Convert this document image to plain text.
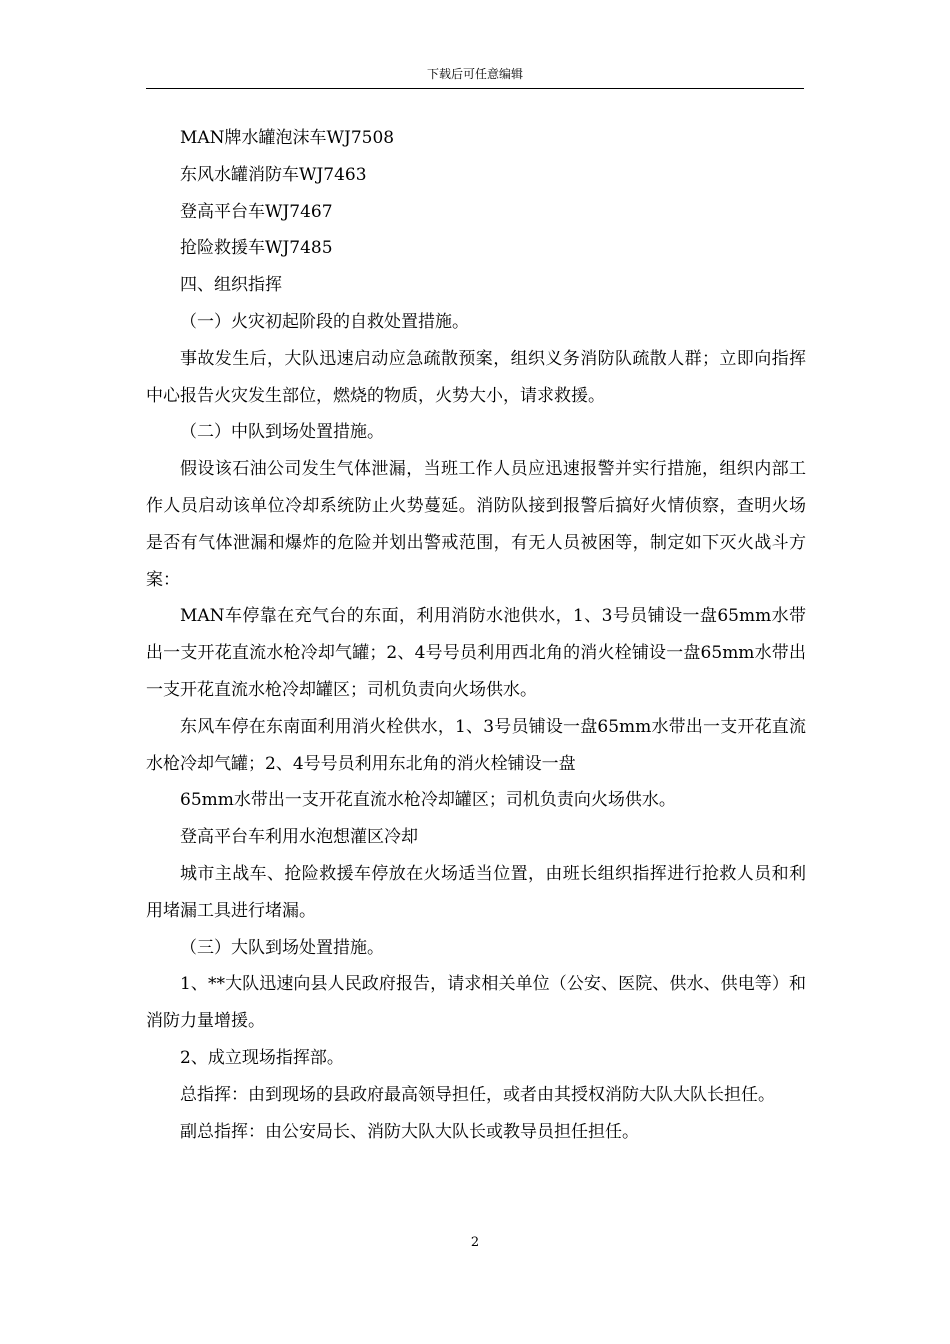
下载后可任意编辑

MAN牌水罐泡沫车WJ7508

东风水罐消防车WJ7463

登高平台车WJ7467

抢险救援车WJ7485

四、组织指挥

（一）火灾初起阶段的自救处置措施。

事故发生后，大队迅速启动应急疏散预案，组织义务消防队疏散人群；立即向指挥中心报告火灾发生部位，燃烧的物质，火势大小，请求救援。

（二）中队到场处置措施。

假设该石油公司发生气体泄漏，当班工作人员应迅速报警并实行措施，组织内部工作人员启动该单位冷却系统防止火势蔓延。消防队接到报警后搞好火情侦察，查明火场是否有气体泄漏和爆炸的危险并划出警戒范围，有无人员被困等，制定如下灭火战斗方案：

MAN车停靠在充气台的东面，利用消防水池供水，1、3号员铺设一盘65mm水带出一支开花直流水枪冷却气罐；2、4号号员利用西北角的消火栓铺设一盘65mm水带出一支开花直流水枪冷却罐区；司机负责向火场供水。

东风车停在东南面利用消火栓供水，1、3号员铺设一盘65mm水带出一支开花直流水枪冷却气罐；2、4号号员利用东北角的消火栓铺设一盘

65mm水带出一支开花直流水枪冷却罐区；司机负责向火场供水。

登高平台车利用水泡想灌区冷却

城市主战车、抢险救援车停放在火场适当位置，由班长组织指挥进行抢救人员和利用堵漏工具进行堵漏。

（三）大队到场处置措施。

1、**大队迅速向县人民政府报告，请求相关单位（公安、医院、供水、供电等）和消防力量增援。

2、成立现场指挥部。

总指挥：由到现场的县政府最高领导担任，或者由其授权消防大队大队长担任。

副总指挥：由公安局长、消防大队大队长或教导员担任担任。

2
